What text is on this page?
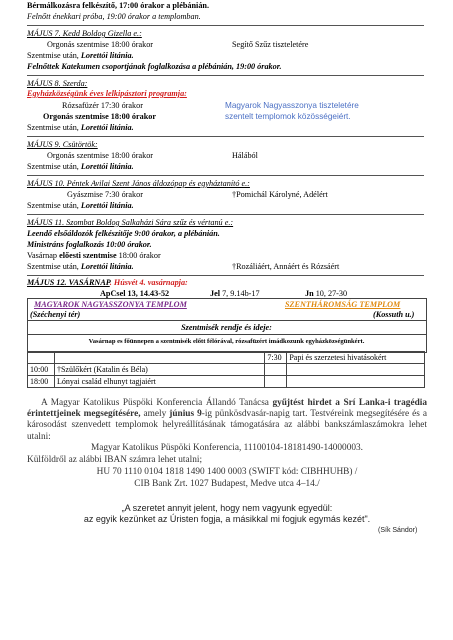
Bérmálkozásra felkészítő, 17:00 órakor a plébánián.
Felnőtt énekkari próba, 19:00 órakor a templomban.
MÁJUS 7. Kedd Boldog Gizella e.:
Orgonás szentmise 18:00 órakor	Segítő Szűz tiszteletére
Szentmise után, Lorettói litánia.
Felnőttek Katekumen csoportjának foglalkozása a plébánián, 19:00 órakor.
MÁJUS 8. Szerda:
Egyházközségünk éves lelkipásztori programja:
Rózsafüzér 17:30 órakor	Magyarok Nagyasszonya tiszteletére
Orgonás szentmise 18:00 órakor	szentelt templomok közösségeiért.
Szentmise után, Lorettói litánia.
MÁJUS 9. Csütörtök:
Orgonás szentmise 18:00 órakor	Hálából
Szentmise után, Lorettói litánia.
MÁJUS 10. Péntek Avilai Szent János áldozópap és egyháztanító e.:
Gyászmise 7:30 órakor	†Pomichál Károlyné, Adélért
Szentmise után, Lorettói litánia.
MÁJUS 11. Szombat Boldog Salkaházi Sára szűz és vértanú e.:
Leendő elsőáldozók felkészítője 9:00 órakor, a plébánián.
Ministráns foglalkozás 10:00 órakor.
Vasárnap előesti szentmise 18:00 órakor
Szentmise után, Lorettói litánia.	†Rozáliáért, Annáért és Rózsáért
MÁJUS 12. VASÁRNAP. Húsvét 4. vasárnapja:
ApCsel 13, 14.43-52	Jel 7, 9.14b-17	Jn 10, 27-30
MAGYAROK NAGYASSZONYA TEMPLOM	SZENTHÁROMSÁG TEMPLOM
(Széchenyi tér)	(Kossuth u.)
Szentmisék rendje és ideje:
Vasárnap es főünnepen a szentmisék előtt félórával, rózsafüzért imádkozunk egyházközségünkért.
		7:30	Papi és szerzetesi hivatásokért
10:00	†Szülőkért (Katalin és Béla)		
18:00	Lónyai család elhunyt tagjaiért		
A Magyar Katolikus Püspöki Konferencia Állandó Tanácsa gyűjtést hirdet a Srí Lanka-i tragédia érintettjeinek megsegítésére, amely június 9-ig pünkösdvasár-napig tart. Testvéreink megsegítésére és a károsodást szenvedett templomok helyreállításának támogatására az alábbi bankszámlaszámokra lehet utalni:
Magyar Katolikus Püspöki Konferencia, 11100104-18181490-14000003.
Külföldről az alábbi IBAN számra lehet utalni;
HU 70 1110 0104 1818 1490 1400 0003 (SWIFT kód: CIBHHUHB) /
CIB Bank Zrt. 1027 Budapest, Medve utca 4–14./
„A szeretet annyit jelent, hogy nem vagyunk egyedül:
az egyik kezünket az Úristen fogja, a másikkal mi fogjuk egymás kezét".
(Sík Sándor)
